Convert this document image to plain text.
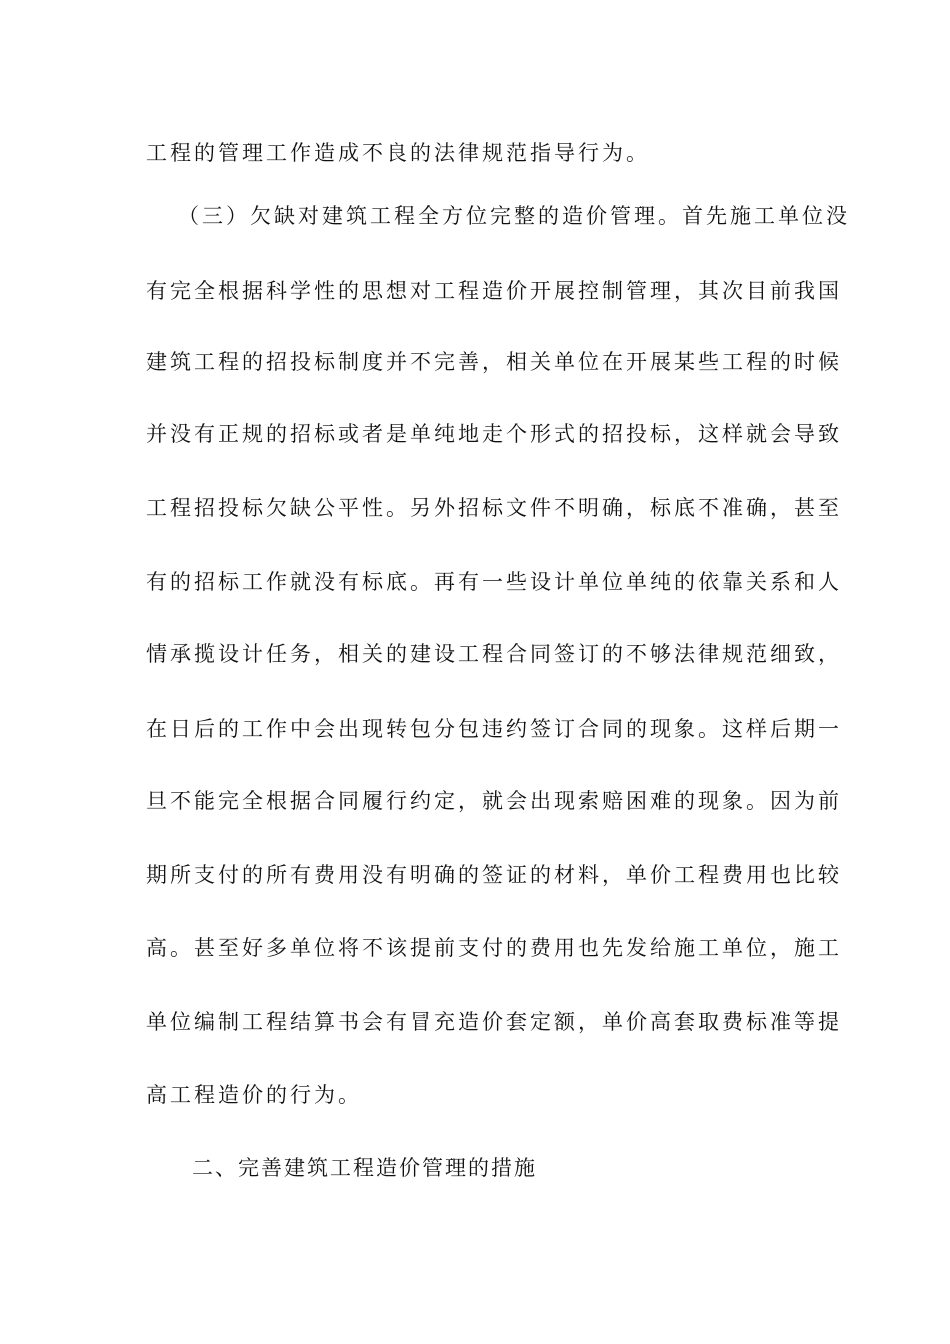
工程的管理工作造成不良的法律规范指导行为。
（三）欠缺对建筑工程全方位完整的造价管理。首先施工单位没
有完全根据科学性的思想对工程造价开展控制管理，其次目前我国
建筑工程的招投标制度并不完善，相关单位在开展某些工程的时候
并没有正规的招标或者是单纯地走个形式的招投标，这样就会导致
工程招投标欠缺公平性。另外招标文件不明确，标底不准确，甚至
有的招标工作就没有标底。再有一些设计单位单纯的依靠关系和人
情承揽设计任务，相关的建设工程合同签订的不够法律规范细致，
在日后的工作中会出现转包分包违约签订合同的现象。这样后期一
旦不能完全根据合同履行约定，就会出现索赔困难的现象。因为前
期所支付的所有费用没有明确的签证的材料，单价工程费用也比较
高。甚至好多单位将不该提前支付的费用也先发给施工单位，施工
单位编制工程结算书会有冒充造价套定额，单价高套取费标准等提
高工程造价的行为。
二、完善建筑工程造价管理的措施
